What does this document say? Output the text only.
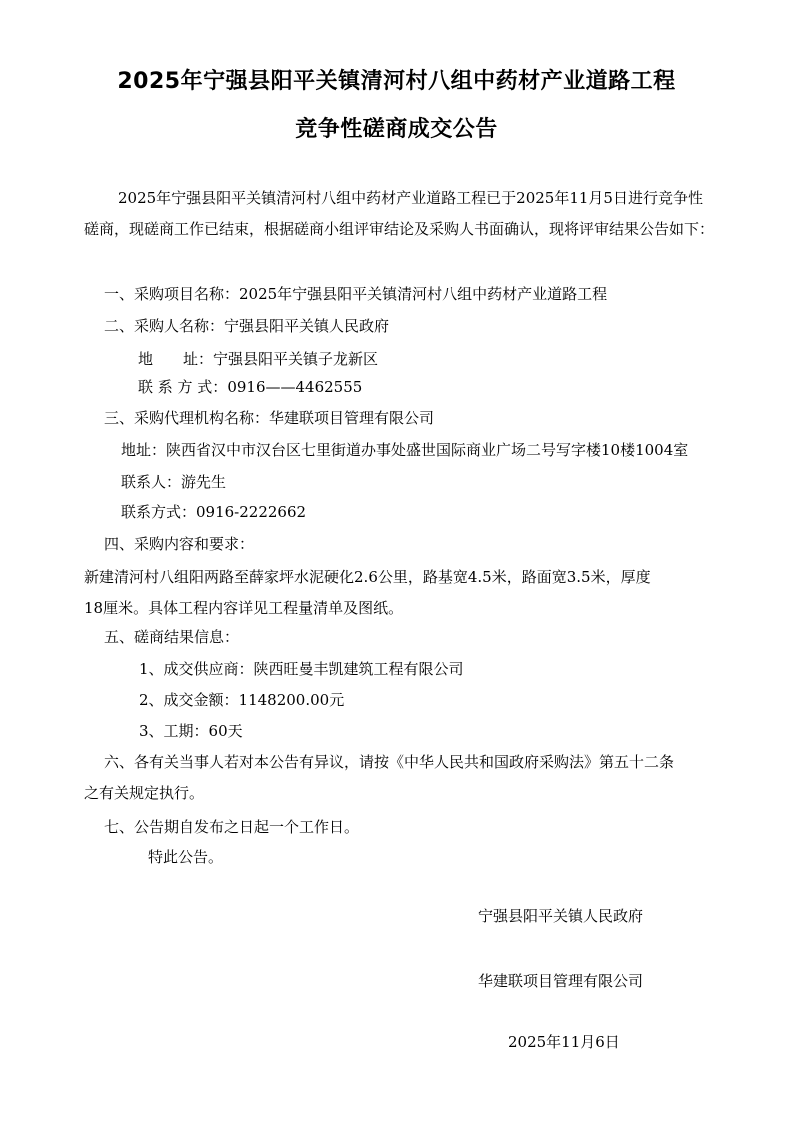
2025年宁强县阳平关镇清河村八组中药材产业道路工程
竞争性磋商成交公告
2025年宁强县阳平关镇清河村八组中药材产业道路工程已于2025年11月5日进行竞争性
磋商，现磋商工作已结束，根据磋商小组评审结论及采购人书面确认，现将评审结果公告如下：
一、采购项目名称：2025年宁强县阳平关镇清河村八组中药材产业道路工程
二、采购人名称：宁强县阳平关镇人民政府
地　　址：宁强县阳平关镇子龙新区
联 系 方 式：0916——4462555
三、采购代理机构名称：华建联项目管理有限公司
地址：陕西省汉中市汉台区七里街道办事处盛世国际商业广场二号写字楼10楼1004室
联系人：游先生
联系方式：0916-2222662
四、采购内容和要求：
新建清河村八组阳两路至薛家坪水泥硬化2.6公里，路基宽4.5米，路面宽3.5米，厚度
18厘米。具体工程内容详见工程量清单及图纸。
五、磋商结果信息：
1、成交供应商：陕西旺曼丰凯建筑工程有限公司
2、成交金额：1148200.00元
3、工期：60天
六、各有关当事人若对本公告有异议，请按《中华人民共和国政府采购法》第五十二条
之有关规定执行。
七、公告期自发布之日起一个工作日。
特此公告。
宁强县阳平关镇人民政府
华建联项目管理有限公司
2025年11月6日
